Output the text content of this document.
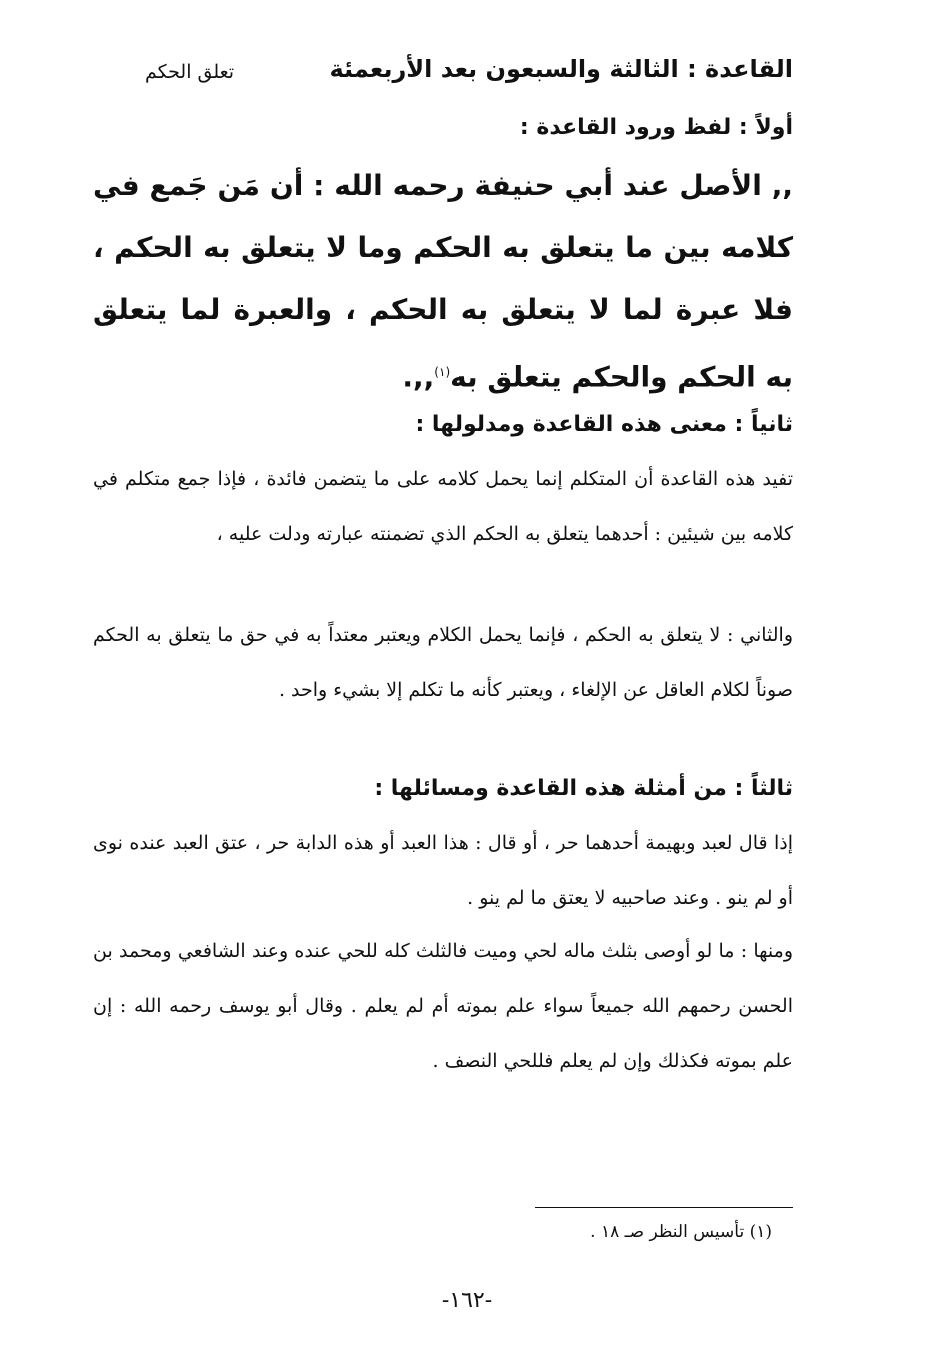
القاعدة : الثالثة والسبعون بعد الأربعمئة
تعلق الحكم
أولاً : لفظ ورود القاعدة :
,, الأصل عند أبي حنيفة رحمه الله : أن مَن جَمع في كلامه بين ما يتعلق به الحكم وما لا يتعلق به الحكم ، فلا عبرة لما لا يتعلق به الحكم ، والعبرة لما يتعلق به الحكم والحكم يتعلق به$^{(١)}$,,.
ثانياً : معنى هذه القاعدة ومدلولها :
تفيد هذه القاعدة أن المتكلم إنما يحمل كلامه على ما يتضمن فائدة ، فإذا جمع متكلم في كلامه بين شيئين : أحدهما يتعلق به الحكم الذي تضمنته عبارته ودلت عليه ،
والثاني : لا يتعلق به الحكم ، فإنما يحمل الكلام ويعتبر معتداً به في حق ما يتعلق به الحكم صوناً لكلام العاقل عن الإلغاء ، ويعتبر كأنه ما تكلم إلا بشيء واحد .
ثالثاً : من أمثلة هذه القاعدة ومسائلها :
إذا قال لعبد وبهيمة أحدهما حر ، أو قال : هذا العبد أو هذه الدابة حر ، عتق العبد عنده نوى أو لم ينو . وعند صاحبيه لا يعتق ما لم ينو .
ومنها : ما لو أوصى بثلث ماله لحي وميت فالثلث كله للحي عنده وعند الشافعي ومحمد بن الحسن رحمهم الله جميعاً سواء علم بموته أم لم يعلم . وقال أبو يوسف رحمه الله : إن علم بموته فكذلك وإن لم يعلم فللحي النصف .
(١) تأسيس النظر صـ ١٨ .
-١٦٢-
